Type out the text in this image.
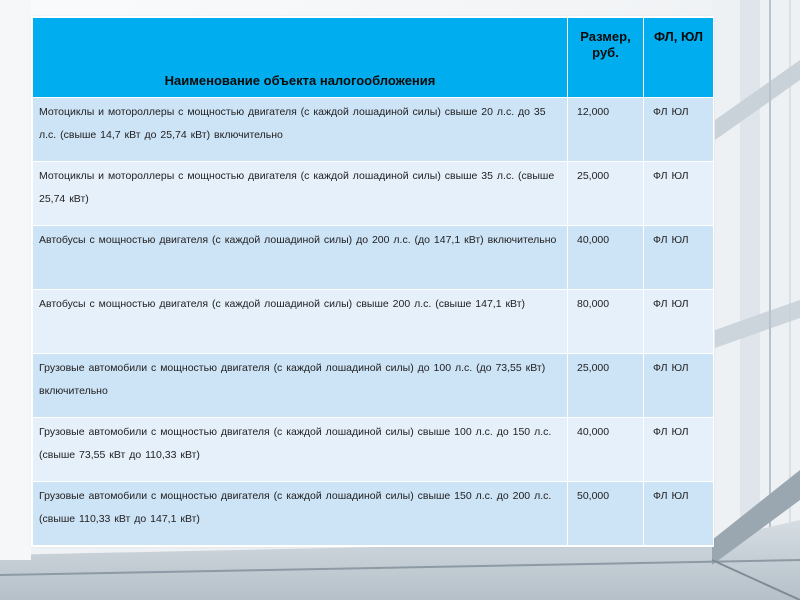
Наименование объекта налогообложения	Размер, руб.	ФЛ, ЮЛ
Мотоциклы и мотороллеры с мощностью двигателя (с каждой лошадиной силы) свыше 20 л.с. до 35 л.с. (свыше 14,7 кВт до 25,74 кВт) включительно	12,000	ФЛ ЮЛ
Мотоциклы и мотороллеры с мощностью двигателя (с каждой лошадиной силы) свыше 35 л.с. (свыше 25,74 кВт)	25,000	ФЛ ЮЛ
Автобусы с мощностью двигателя (с каждой лошадиной силы) до 200 л.с. (до 147,1 кВт) включительно	40,000	ФЛ ЮЛ
Автобусы с мощностью двигателя (с каждой лошадиной силы) свыше 200 л.с. (свыше 147,1 кВт)	80,000	ФЛ ЮЛ
Грузовые автомобили с мощностью двигателя (с каждой лошадиной силы) до 100 л.с. (до 73,55 кВт) включительно	25,000	ФЛ ЮЛ
Грузовые автомобили с мощностью двигателя (с каждой лошадиной силы) свыше 100 л.с. до 150 л.с. (свыше 73,55 кВт до 110,33 кВт)	40,000	ФЛ ЮЛ
Грузовые автомобили с мощностью двигателя (с каждой лошадиной силы) свыше 150 л.с. до 200 л.с. (свыше 110,33 кВт до 147,1 кВт)	50,000	ФЛ ЮЛ
